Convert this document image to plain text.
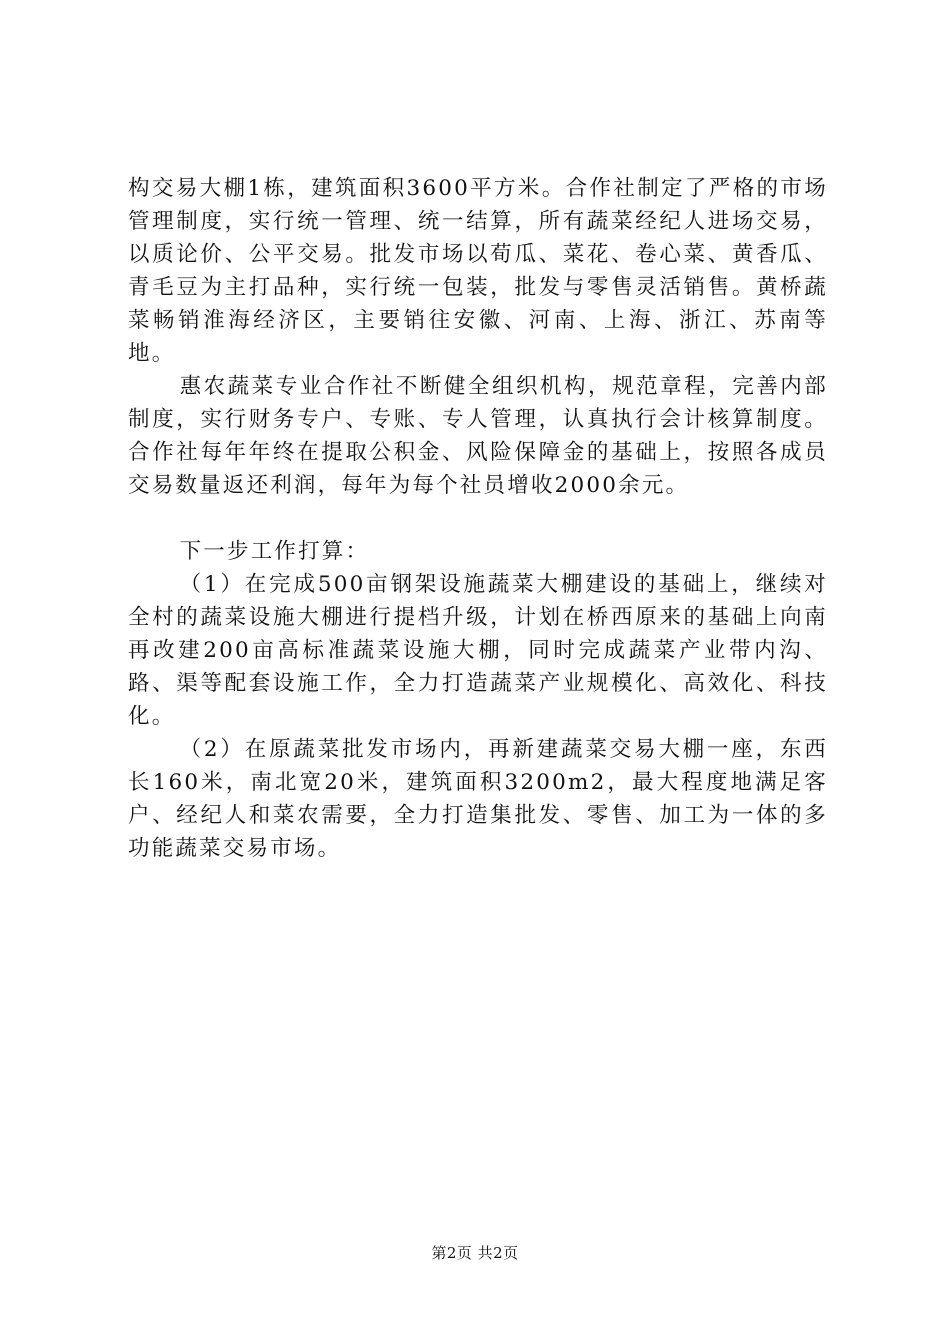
构交易大棚1栋，建筑面积3600平方米。合作社制定了严格的市场管理制度，实行统一管理、统一结算，所有蔬菜经纪人进场交易，以质论价、公平交易。批发市场以荀瓜、菜花、卷心菜、黄香瓜、青毛豆为主打品种，实行统一包装，批发与零售灵活销售。黄桥蔬菜畅销淮海经济区，主要销往安徽、河南、上海、浙江、苏南等地。

惠农蔬菜专业合作社不断健全组织机构，规范章程，完善内部制度，实行财务专户、专账、专人管理，认真执行会计核算制度。合作社每年年终在提取公积金、风险保障金的基础上，按照各成员交易数量返还利润，每年为每个社员增收2000余元。

下一步工作打算：

（1）在完成500亩钢架设施蔬菜大棚建设的基础上，继续对全村的蔬菜设施大棚进行提档升级，计划在桥西原来的基础上向南再改建200亩高标准蔬菜设施大棚，同时完成蔬菜产业带内沟、路、渠等配套设施工作，全力打造蔬菜产业规模化、高效化、科技化。

（2）在原蔬菜批发市场内，再新建蔬菜交易大棚一座，东西长160米，南北宽20米，建筑面积3200m2，最大程度地满足客户、经纪人和菜农需要，全力打造集批发、零售、加工为一体的多功能蔬菜交易市场。

第2页 共2页
